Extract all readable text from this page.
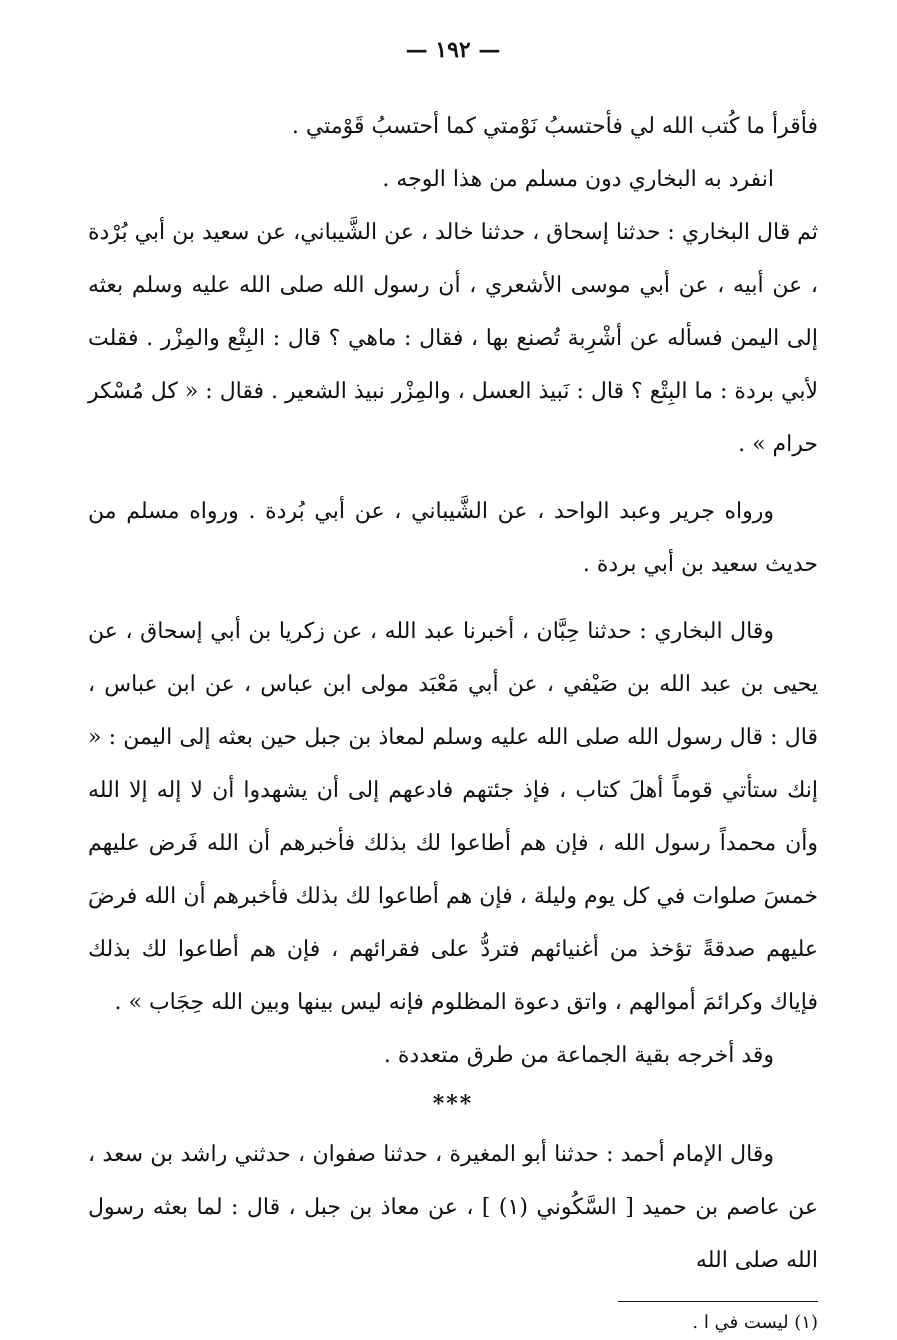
— ١٩٢ —

فأقرأ ما كُتب الله لي فأحتسبُ نَوْمتي كما أحتسبُ قَوْمتي .

انفرد به البخاري دون مسلم من هذا الوجه .

ثم قال البخاري : حدثنا إسحاق ، حدثنا خالد ، عن الشَّيباني، عن سعيد بن أبي بُرْدة ، عن أبيه ، عن أبي موسى الأشعري ، أن رسول الله صلى الله عليه وسلم بعثه إلى اليمن فسأله عن أشْرِبة تُصنع بها ، فقال : ماهي ؟ قال : البِتْع والمِزْر . فقلت لأبي بردة : ما البِتْع ؟ قال : نَبيذ العسل ، والمِزْر نبيذ الشعير . فقال : « كل مُسْكر حرام » .

ورواه جرير وعبد الواحد ، عن الشَّيباني ، عن أبي بُردة . ورواه مسلم من حديث سعيد بن أبي بردة .

وقال البخاري : حدثنا حِبَّان ، أخبرنا عبد الله ، عن زكريا بن أبي إسحاق ، عن يحيى بن عبد الله بن صَيْفي ، عن أبي مَعْبَد مولى ابن عباس ، عن ابن عباس ، قال : قال رسول الله صلى الله عليه وسلم لمعاذ بن جبل حين بعثه إلى اليمن : « إنك ستأتي قوماً أهلَ كتاب ، فإذ جئتهم فادعهم إلى أن يشهدوا أن لا إله إلا الله وأن محمداً رسول الله ، فإن هم أطاعوا لك بذلك فأخبرهم أن الله فَرض عليهم خمسَ صلوات في كل يوم وليلة ، فإن هم أطاعوا لك بذلك فأخبرهم أن الله فرضَ عليهم صدقةً تؤخذ من أغنيائهم فتردُّ على فقرائهم ، فإن هم أطاعوا لك بذلك فإياك وكرائمَ أموالهم ، واتق دعوة المظلوم فإنه ليس بينها وبين الله حِجَاب » .

وقد أخرجه بقية الجماعة من طرق متعددة .

***

وقال الإمام أحمد : حدثنا أبو المغيرة ، حدثنا صفوان ، حدثني راشد بن سعد ، عن عاصم بن حميد [ السَّكُوني (١) ] ، عن معاذ بن جبل ، قال : لما بعثه رسول الله صلى الله

(١) ليست في ا .
